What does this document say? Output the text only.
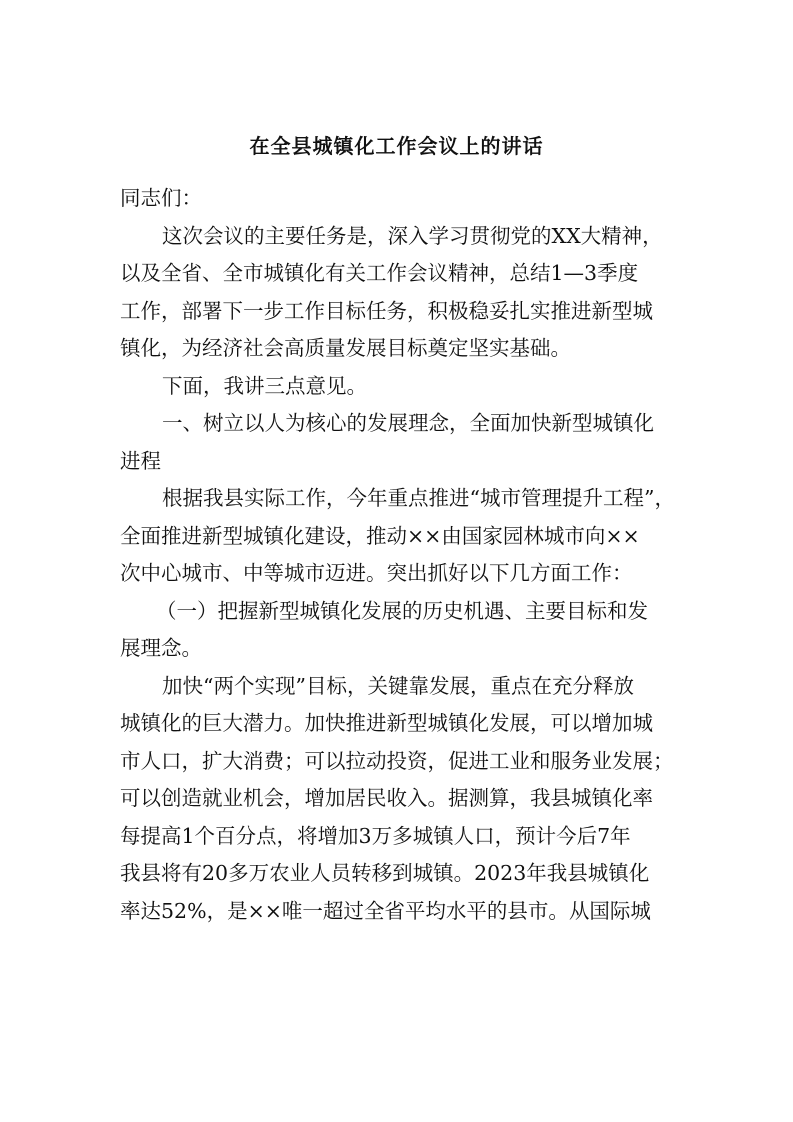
在全县城镇化工作会议上的讲话
同志们：
这次会议的主要任务是，深入学习贯彻党的XX大精神，
以及全省、全市城镇化有关工作会议精神，总结1—3季度
工作，部署下一步工作目标任务，积极稳妥扎实推进新型城
镇化，为经济社会高质量发展目标奠定坚实基础。
下面，我讲三点意见。
一、树立以人为核心的发展理念，全面加快新型城镇化
进程
根据我县实际工作，今年重点推进“城市管理提升工程”，
全面推进新型城镇化建设，推动××由国家园林城市向××
次中心城市、中等城市迈进。突出抓好以下几方面工作：
（一）把握新型城镇化发展的历史机遇、主要目标和发
展理念。
加快“两个实现”目标，关键靠发展，重点在充分释放
城镇化的巨大潜力。加快推进新型城镇化发展，可以增加城
市人口，扩大消费；可以拉动投资，促进工业和服务业发展；
可以创造就业机会，增加居民收入。据测算，我县城镇化率
每提高1个百分点，将增加3万多城镇人口，预计今后7年
我县将有20多万农业人员转移到城镇。2023年我县城镇化
率达52%，是××唯一超过全省平均水平的县市。从国际城
